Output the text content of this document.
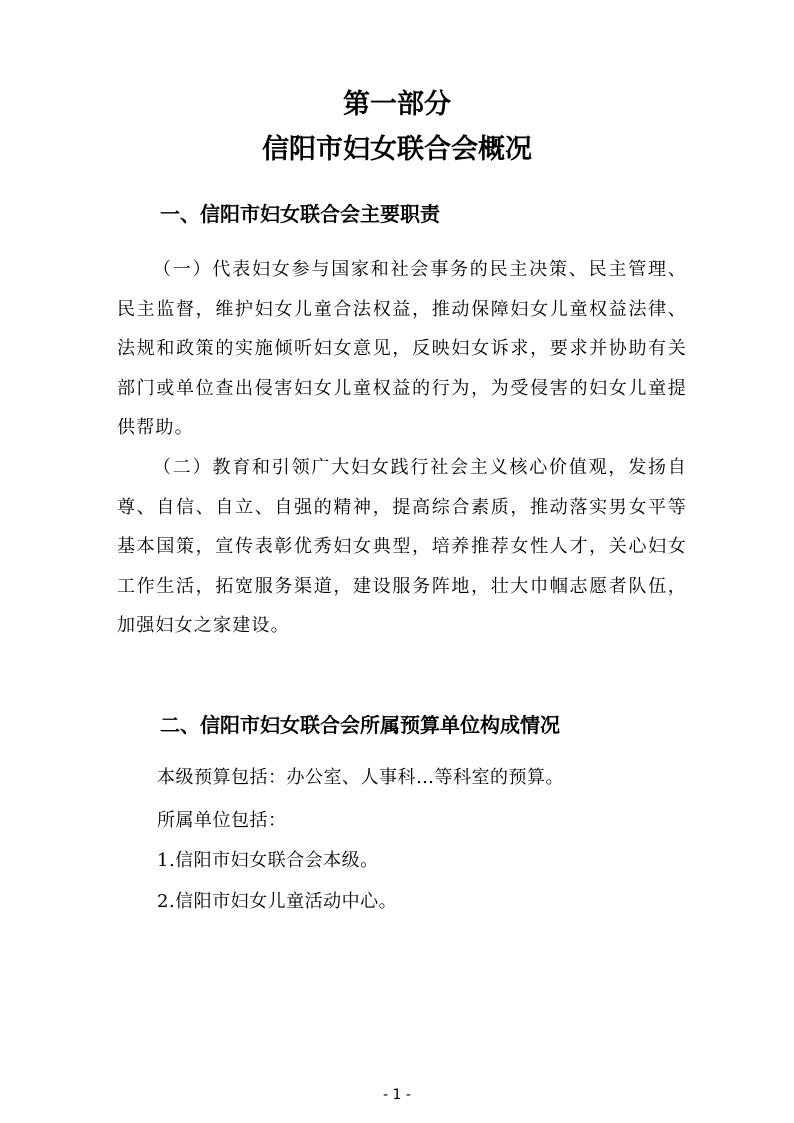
第一部分
信阳市妇女联合会概况
一、信阳市妇女联合会主要职责

（一）代表妇女参与国家和社会事务的民主决策、民主管理、民主监督，维护妇女儿童合法权益，推动保障妇女儿童权益法律、法规和政策的实施倾听妇女意见，反映妇女诉求，要求并协助有关部门或单位查出侵害妇女儿童权益的行为，为受侵害的妇女儿童提供帮助。

（二）教育和引领广大妇女践行社会主义核心价值观，发扬自尊、自信、自立、自强的精神，提高综合素质，推动落实男女平等基本国策，宣传表彰优秀妇女典型，培养推荐女性人才，关心妇女工作生活，拓宽服务渠道，建设服务阵地，壮大巾帼志愿者队伍，加强妇女之家建设。

二、信阳市妇女联合会所属预算单位构成情况

本级预算包括：办公室、人事科…等科室的预算。

所属单位包括：

1.信阳市妇女联合会本级。

2.信阳市妇女儿童活动中心。

- 1 -
